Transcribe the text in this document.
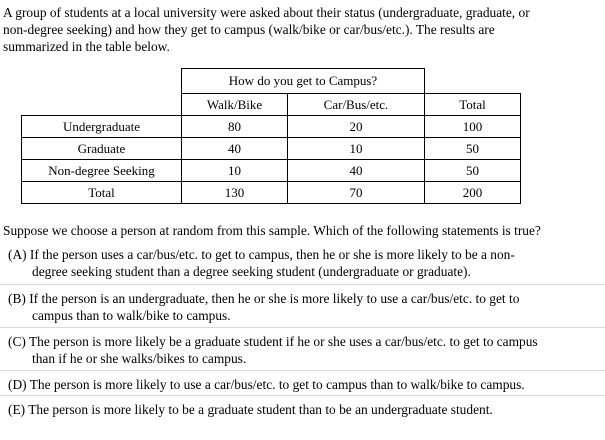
A group of students at a local university were asked about their status (undergraduate, graduate, or
non-degree seeking) and how they get to campus (walk/bike or car/bus/etc.). The results are
summarized in the table below.
	How do you get to Campus?		
	Walk/Bike	Car/Bus/etc.	Total
Undergraduate	80	20	100
Graduate	40	10	50
Non-degree Seeking	10	40	50
Total	130	70	200
Suppose we choose a person at random from this sample. Which of the following statements is true?
(A) If the person uses a car/bus/etc. to get to campus, then he or she is more likely to be a non-
degree seeking student than a degree seeking student (undergraduate or graduate).
(B) If the person is an undergraduate, then he or she is more likely to use a car/bus/etc. to get to
campus than to walk/bike to campus.
(C) The person is more likely be a graduate student if he or she uses a car/bus/etc. to get to campus
than if he or she walks/bikes to campus.
(D) The person is more likely to use a car/bus/etc. to get to campus than to walk/bike to campus.
(E) The person is more likely to be a graduate student than to be an undergraduate student.
